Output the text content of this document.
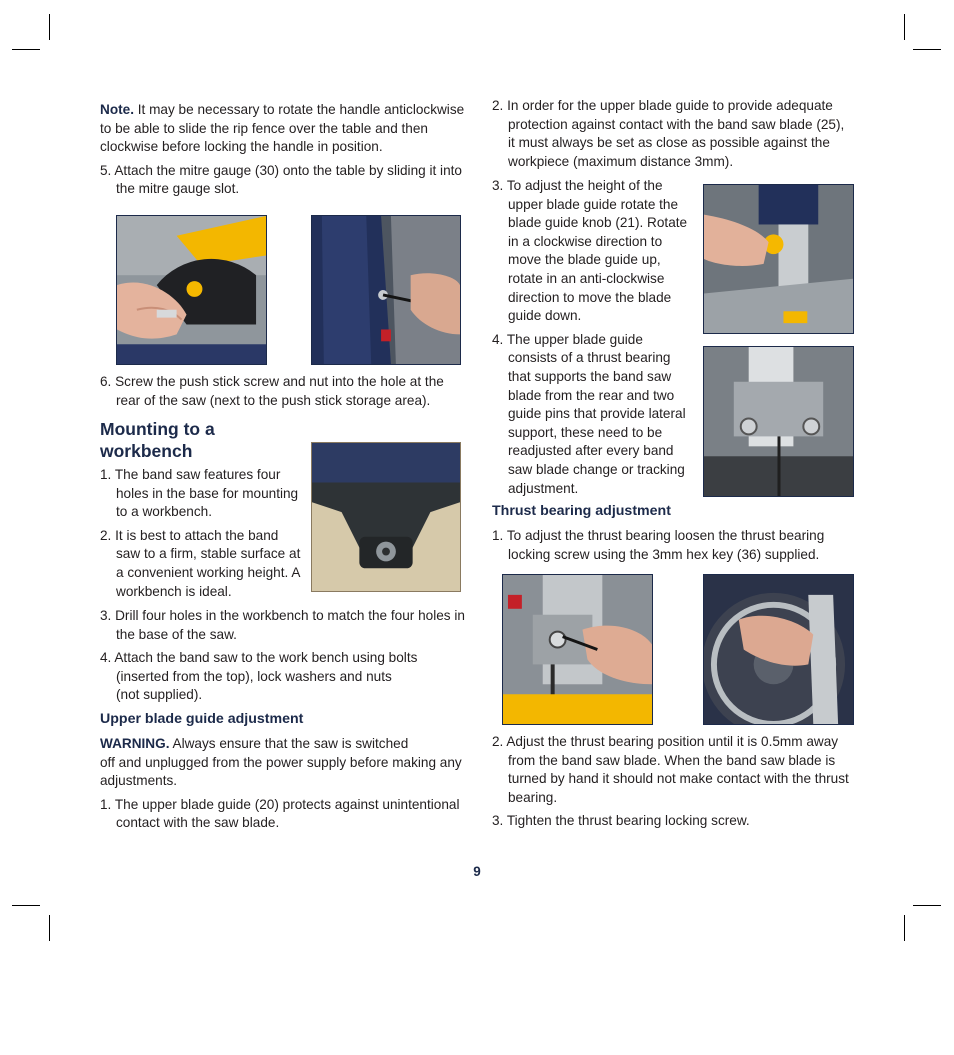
Note. It may be necessary to rotate the handle anticlockwise to be able to slide the rip fence over the table and then clockwise before locking the handle in position.

5. Attach the mitre gauge (30) onto the table by sliding it into the mitre gauge slot.

6. Screw the push stick screw and nut into the hole at the rear of the saw (next to the push stick storage area).

Mounting to a
workbench

1. The band saw features four holes in the base for mounting to a workbench.

2. It is best to attach the band saw to a firm, stable surface at a convenient working height. A workbench is ideal.

3. Drill four holes in the workbench to match the four holes in the base of the saw.

4. Attach the band saw to the work bench using bolts
(inserted from the top), lock washers and nuts
(not supplied).

Upper blade guide adjustment

WARNING. Always ensure that the saw is switched
off and unplugged from the power supply before making any adjustments.

1. The upper blade guide (20) protects against unintentional contact with the saw blade.

2. In order for the upper blade guide to provide adequate protection against contact with the band saw blade (25), it must always be set as close as possible against the workpiece (maximum distance 3mm).

3. To adjust the height of the upper blade guide rotate the blade guide knob (21). Rotate in a clockwise direction to move the blade guide up, rotate in an anti-clockwise direction to move the blade guide down.

4. The upper blade guide consists of a thrust bearing that supports the band saw blade from the rear and two guide pins that provide lateral support, these need to be readjusted after every band saw blade change or tracking adjustment.

Thrust bearing adjustment

1. To adjust the thrust bearing loosen the thrust bearing locking screw using the 3mm hex key (36) supplied.

2. Adjust the thrust bearing position until it is 0.5mm away from the band saw blade. When the band saw blade is turned by hand it should not make contact with the thrust bearing.

3. Tighten the thrust bearing locking screw.

9
